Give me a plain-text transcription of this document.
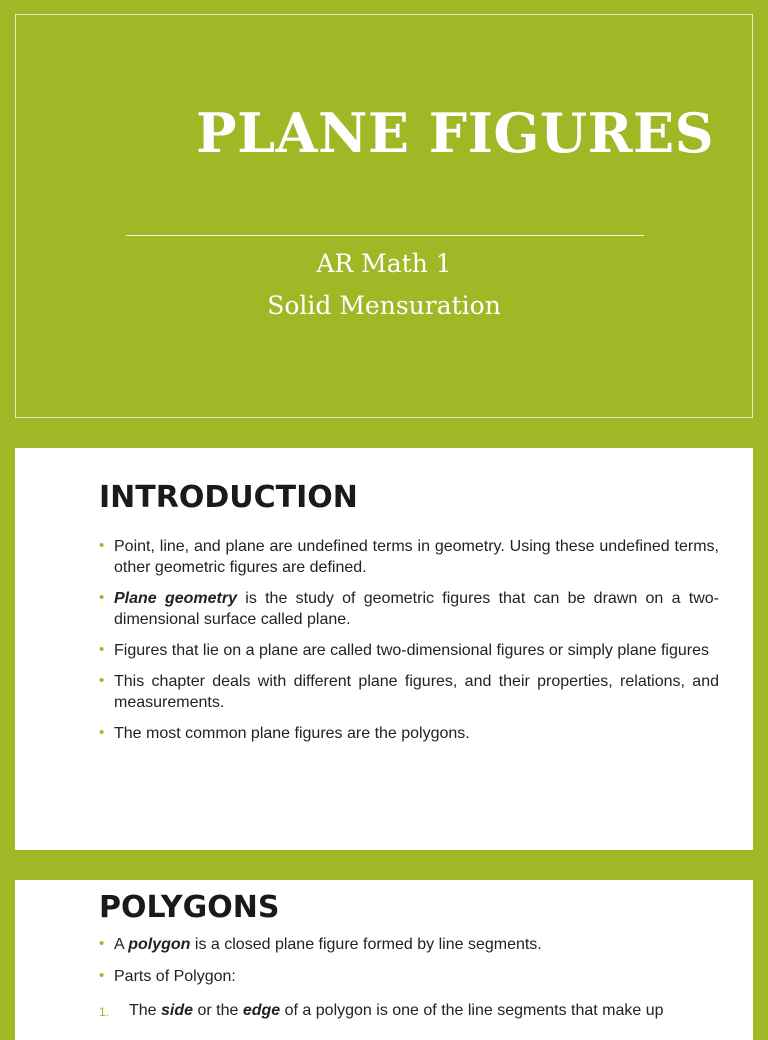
PLANE FIGURES
AR Math 1
Solid Mensuration
INTRODUCTION
• Point, line, and plane are undefined terms in geometry. Using these undefined terms, other geometric figures are defined.
• Plane geometry is the study of geometric figures that can be drawn on a two-dimensional surface called plane.
• Figures that lie on a plane are called two-dimensional figures or simply plane figures
• This chapter deals with different plane figures, and their properties, relations, and measurements.
• The most common plane figures are the polygons.
POLYGONS
• A polygon is a closed plane figure formed by line segments.
• Parts of Polygon:
1. The side or the edge of a polygon is one of the line segments that make up
